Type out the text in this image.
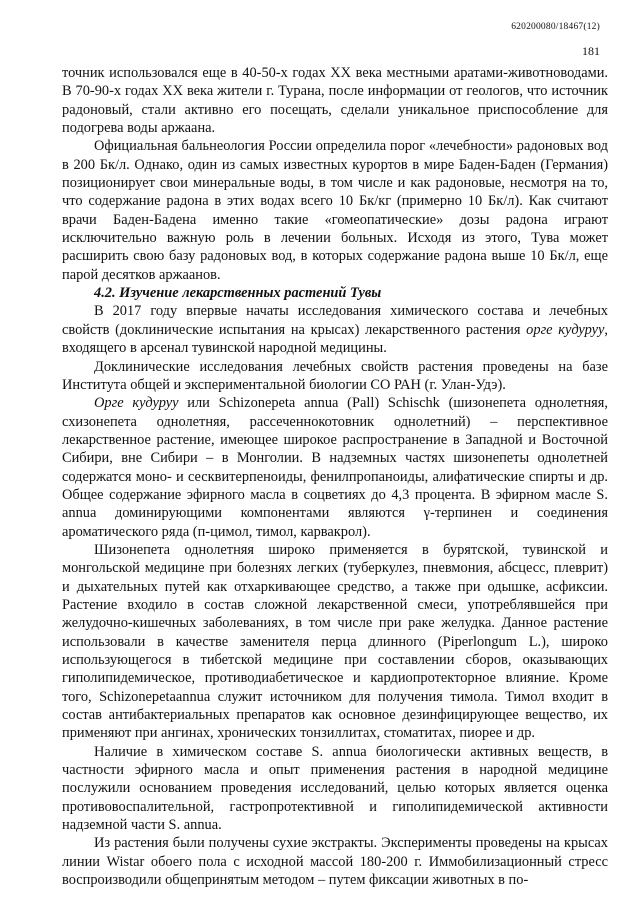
620200080/18467(12)
181

точник использовался еще в 40-50-х годах XX века местными аратами-животноводами. В 70-90-х годах XX века жители г. Турана, после информации от геологов, что источник радоновый, стали активно его посещать, сделали уникальное приспособление для подогрева воды аржаана.

Официальная бальнеология России определила порог «лечебности» радоновых вод в 200 Бк/л. Однако, один из самых известных курортов в мире Баден-Баден (Германия) позиционирует свои минеральные воды, в том числе и как радоновые, несмотря на то, что содержание радона в этих водах всего 10 Бк/кг (примерно 10 Бк/л). Как считают врачи Баден-Бадена именно такие «гомеопатические» дозы радона играют исключительно важную роль в лечении больных. Исходя из этого, Тува может расширить свою базу радоновых вод, в которых содержание радона выше 10 Бк/л, еще парой десятков аржаанов.

4.2. Изучение лекарственных растений Тувы

В 2017 году впервые начаты исследования химического состава и лечебных свойств (доклинические испытания на крысах) лекарственного растения орге кудуруу, входящего в арсенал тувинской народной медицины.

Доклинические исследования лечебных свойств растения проведены на базе Института общей и экспериментальной биологии СО РАН (г. Улан-Удэ).

Орге кудуруу или Schizonepeta annua (Pall) Schischk (шизонепета однолетняя, схизонепета однолетняя, рассеченнокотовник однолетний) – перспективное лекарственное растение, имеющее широкое распространение в Западной и Восточной Сибири, вне Сибири – в Монголии. В надземных частях шизонепеты однолетней содержатся моно- и сесквитерпеноиды, фенилпропаноиды, алифатические спирты и др. Общее содержание эфирного масла в соцветиях до 4,3 процента. В эфирном масле S. annua доминирующими компонентами являются γ-терпинен и соединения ароматического ряда (п-цимол, тимол, карвакрол).

Шизонепета однолетняя широко применяется в бурятской, тувинской и монгольской медицине при болезнях легких (туберкулез, пневмония, абсцесс, плеврит) и дыхательных путей как отхаркивающее средство, а также при одышке, асфиксии. Растение входило в состав сложной лекарственной смеси, употреблявшейся при желудочно-кишечных заболеваниях, в том числе при раке желудка. Данное растение использовали в качестве заменителя перца длинного (Piperlongum L.), широко использующегося в тибетской медицине при составлении сборов, оказывающих гиполипидемическое, противодиабетическое и кардиопротекторное влияние. Кроме того, Schizonepetaannua служит источником для получения тимола. Тимол входит в состав антибактериальных препаратов как основное дезинфицирующее вещество, их применяют при ангинах, хронических тонзиллитах, стоматитах, пиорее и др.

Наличие в химическом составе S. annua биологически активных веществ, в частности эфирного масла и опыт применения растения в народной медицине послужили основанием проведения исследований, целью которых является оценка противовоспалительной, гастропротективной и гиполипидемической активности надземной части S. annua.

Из растения были получены сухие экстракты. Эксперименты проведены на крысах линии Wistar обоего пола с исходной массой 180-200 г. Иммобилизационный стресс воспроизводили общепринятым методом – путем фиксации животных в по-
